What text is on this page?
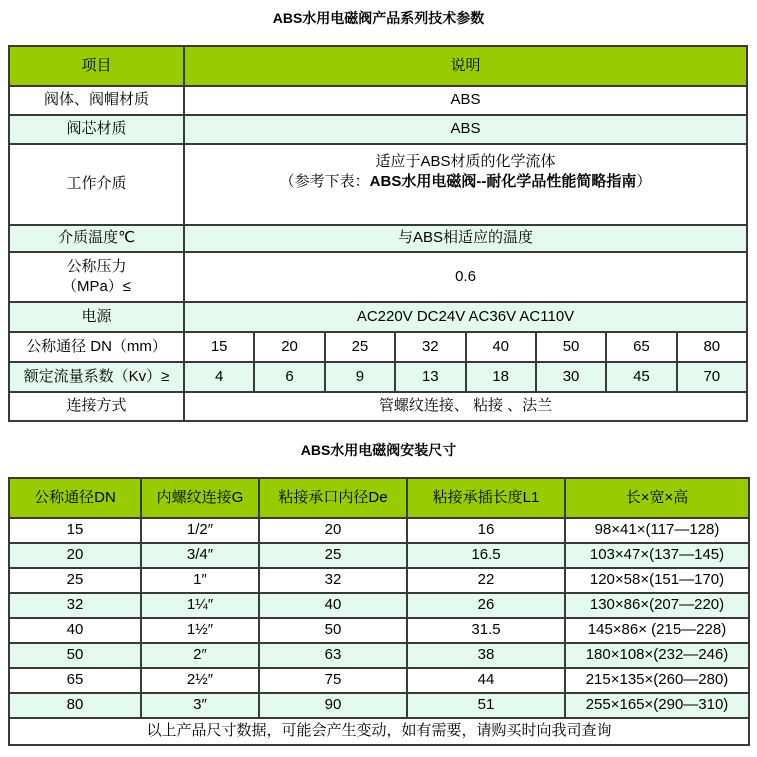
ABS水用电磁阀产品系列技术参数
项目	说明							
阀体、阀帽材质	ABS							
阀芯材质	ABS							
工作介质	适应于ABS材质的化学流体
（参考下表：ABS水用电磁阀--耐化学品性能简略指南）							

介质温度℃	与ABS相适应的温度							

公称压力
（MPa）≤	0.6							
电源	AC220V DC24V AC36V AC110V							
公称通径 DN（mm）	15	20	25	32	40	50	65	80
额定流量系数（Kv）≥	4	6	9	13	18	30	45	70
连接方式	管螺纹连接、 粘接 、法兰							
ABS水用电磁阀安装尺寸
公称通径DN	内螺纹连接G	粘接承口内径De	粘接承插长度L1	长×宽×高
15	1/2″	20	16	98×41×(117—128)
20	3/4″	25	16.5	103×47×(137—145)
25	1″	32	22	120×58×(151—170)
32	1¼″	40	26	130×86×(207—220)
40	1½″	50	31.5	145×86× (215—228)
50	2″	63	38	180×108×(232—246)
65	2½″	75	44	215×135×(260—280)
80	3″	90	51	255×165×(290—310)
以上产品尺寸数据，可能会产生变动，如有需要，请购买时向我司查询				
